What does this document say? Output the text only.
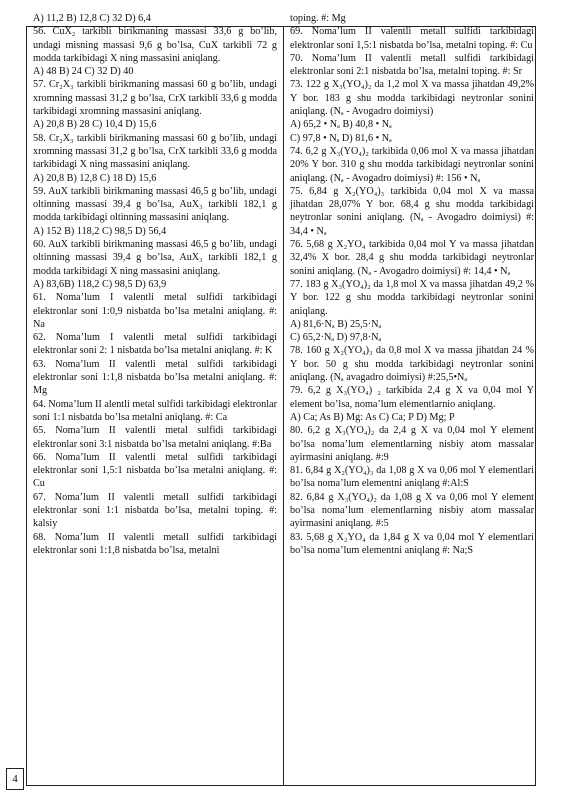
A) 11,2 B) 12,8 C) 32 D) 6,4

56. CuX₂ tarkibli birikmaning massasi 33,6 g bo’lib, undagi misning massasi 9,6 g bo’lsa, CuX tarkibli 72 g modda tarkibidagi X ning massasini aniqlang.

A) 48 B) 24 C) 32 D) 40

57. Cr₂X₃ tarkibli birikmaning massasi 60 g bo’lib, undagi xromning massasi 31,2 g bo’lsa, CrX tarkibli 33,6 g modda tarkibidagi xromning massasini aniqlang.

A) 20,8 B) 28 C) 10,4 D) 15,6

58. Cr₂X₃ tarkibli birikmaning massasi 60 g bo’lib, undagi xromning massasi 31,2 g bo’lsa, CrX tarkibli 33,6 g modda tarkibidagi X ning massasini aniqlang.

A) 20,8 B) 12,8 C) 18 D) 15,6

59. AuX tarkibli birikmaning massasi 46,5 g bo’lib, undagi oltinning massasi 39,4 g bo’lsa, AuX₃ tarkibli 182,1 g modda tarkibidagi oltinning massasini aniqlang.

A) 152 B) 118,2 C) 98,5 D) 56,4

60. AuX tarkibli birikmaning massasi 46,5 g bo’lib, undagi oltinning massasi 39,4 g bo’lsa, AuX₃ tarkibli 182,1 g modda tarkibidagi X ning massasini aniqlang.

A) 83,6B) 118,2 C) 98,5 D) 63,9

61. Noma’lum I valentli metal sulfidi tarkibidagi elektronlar soni 1:0,9 nisbatda bo’lsa metalni aniqlang. #: Na

62. Noma’lum I valentli metal sulfidi tarkibidagi elektronlar soni 2: 1 nisbatda bo’lsa metalni aniqlang. #: K

63. Noma’lum II valentli metal sulfidi tarkibidagi elektronlar soni 1:1,8 nisbatda bo’lsa metalni aniqlang. #: Mg

64. Noma’lum II alentli metal sulfidi tarkibidagi elektronlar soni 1:1 nisbatda bo’lsa metalni aniqlang. #: Ca

65. Noma’lum II valentli metal sulfidi tarkibidagi elektronlar soni 3:1 nisbatda bo’lsa metalni aniqlang. #:Ba

66. Noma’lum II valentli metal sulfidi tarkibidagi elektronlar soni 1,5:1 nisbatda bo’lsa metalni aniqlang. #: Cu

67. Noma’lum II valentli metall sulfidi tarkibidagi elektronlar soni 1:1 nisbatda bo’lsa, metalni toping. #: kalsiy

68. Noma’lum II valentli metall sulfidi tarkibidagi elektronlar soni 1:1,8 nisbatda bo’lsa, metalni

toping. #: Mg

69. Noma’lum II valentli metall sulfidi tarkibidagi elektronlar soni 1,5:1 nisbatda bo’lsa, metalni toping. #: Cu

70. Noma’lum II valentli metall sulfidi tarkibidagi elektronlar soni 2:1 nisbatda bo’lsa, metalni toping. #: Sr

73. 122 g X₃(YO₄)₂ da 1,2 mol X va massa jihatdan 49,2% Y bor. 183 g shu modda tarkibidagi neytronlar sonini aniqlang. (Nₐ - Avogadro doimiysi)

A) 65,2 • Nₐ B) 40,8 • Nₐ

C) 97,8 • Nₐ D) 81,6 • Nₐ

74. 6,2 g X₃(YO₄)₂ tarkibida 0,06 mol X va massa jihatdan 20% Y bor. 310 g shu modda tarkibidagi neytronlar sonini aniqlang. (Nₐ - Avogadro doimiysi) #: 156 • Nₐ

75. 6,84 g X₂(YO₄)₃ tarkibida 0,04 mol X va massa jihatdan 28,07% Y bor. 68,4 g shu modda tarkibidagi neytronlar sonini aniqlang. (Nₐ - Avogadro doimiysi) #: 34,4 • Nₐ

76. 5,68 g X₂YO₄ tarkibida 0,04 mol Y va massa jihatdan 32,4% X bor. 28,4 g shu modda tarkibidagi neytronlar sonini aniqlang. (Nₐ - Avogadro doimiysi) #: 14,4 • Nₐ

77. 183 g X₃(YO₄)₂ da 1,8 mol X va massa jihatdan 49,2 % Y bor. 122 g shu modda tarkibidagi neytronlar sonini aniqlang.

A) 81,6·Nₐ B) 25,5·Nₐ

C) 65,2·Nₐ D) 97,8·Nₐ

78. 160 g X₂(YO₄)₃ da 0,8 mol X va massa jihatdan 24 % Y bor. 50 g shu modda tarkibidagi neytronlar sonini aniqlang. (Nₐ avagadro doimiysi) #:25,5•Nₐ

79. 6,2 g X₃(YO₄) ₂ tarkibida 2,4 g X va 0,04 mol Y element bo’lsa, noma’lum elementlarnio aniqlang.

A) Ca; As B) Mg: As C) Ca; P D) Mg; P

80. 6,2 g X₃(YO₄)₂ da 2,4 g X va 0,04 mol Y element bo’lsa noma’lum elementlarning nisbiy atom massalar ayirmasini aniqlang. #:9

81. 6,84 g X₂(YO₄)₃ da 1,08 g X va 0,06 mol Y elementlari bo’lsa noma’lum elementni aniqlang #:Al:S

82. 6,84 g X₃(YO₄)₂ da 1,08 g X va 0,06 mol Y element bo’lsa noma’lum elementlarning nisbiy atom massalar ayirmasini aniqlang. #:5

83. 5,68 g X₂YO₄ da 1,84 g X va 0,04 mol Y elementlari bo’lsa noma’lum elementni aniqlang #: Na;S

4
